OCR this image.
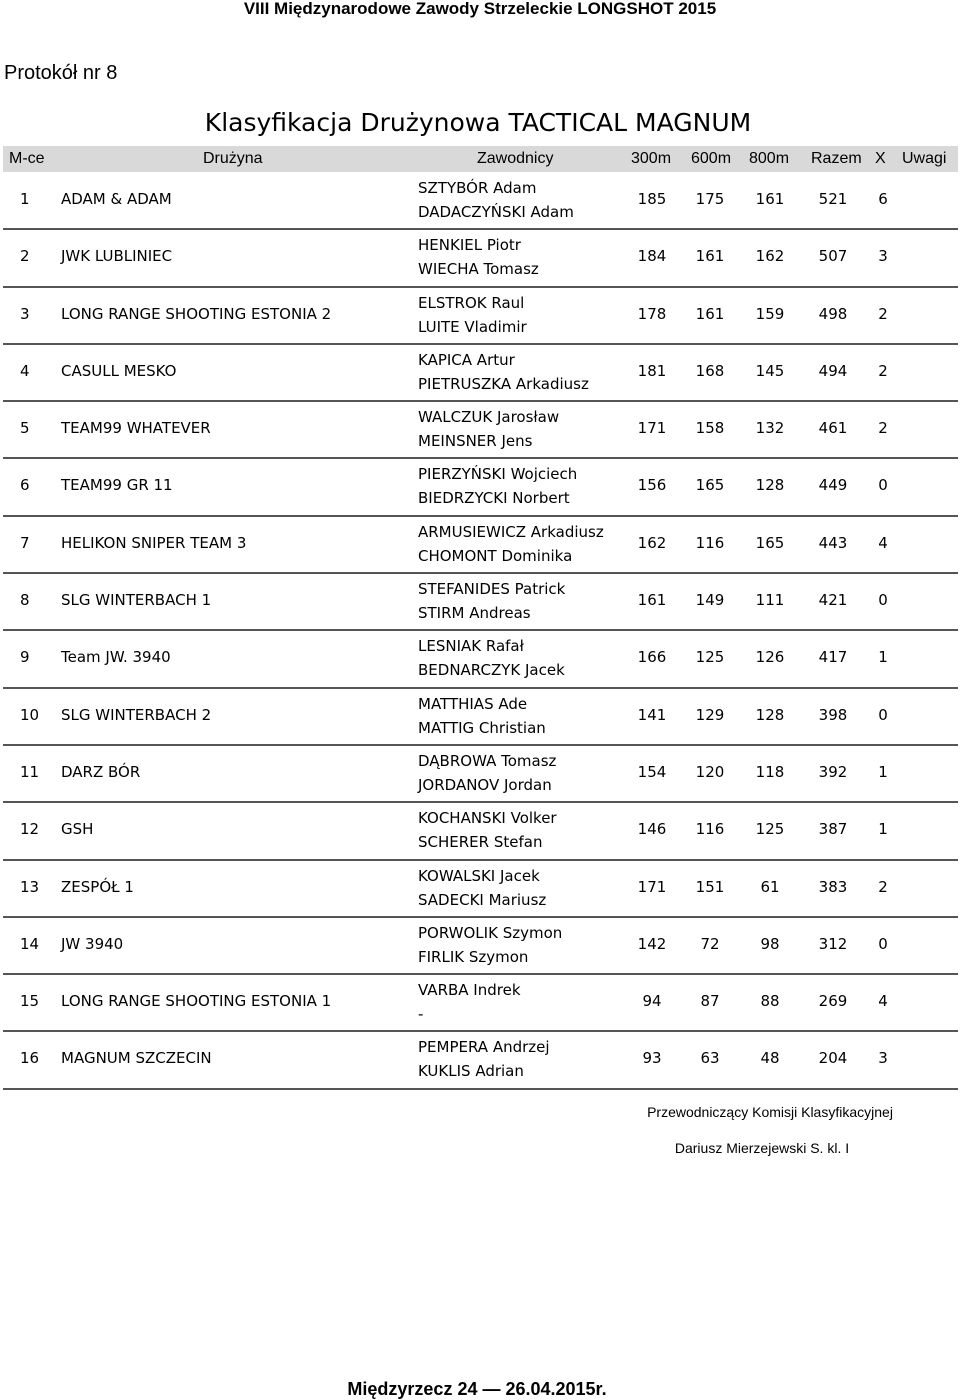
VIII Międzynarodowe Zawody Strzeleckie LONGSHOT 2015
Protokół nr 8
Klasyfikacja Drużynowa TACTICAL MAGNUM
M-ce	Drużyna	Zawodnicy	300m 600m 800m Razem X Uwagi
1 ADAM & ADAM
SZTYBÓR Adam
DADACZYŃSKI Adam
185 175 161 521	6
2 JWK LUBLINIEC
HENKIEL Piotr
WIECHA Tomasz
184 161 162 507	3
3 LONG RANGE SHOOTING ESTONIA 2
ELSTROK Raul
LUITE Vladimir
178 161 159 498	2
4 CASULL MESKO
KAPICA Artur
PIETRUSZKA Arkadiusz
181 168 145 494	2
5 TEAM99 WHATEVER
WALCZUK Jarosław
MEINSNER Jens
171 158 132 461	2
6 TEAM99 GR 11
PIERZYŃSKI Wojciech
BIEDRZYCKI Norbert
156 165 128 449	0
7 HELIKON SNIPER TEAM 3
ARMUSIEWICZ Arkadiusz
CHOMONT Dominika
162 116 165 443	4
8 SLG WINTERBACH 1
STEFANIDES Patrick
STIRM Andreas
161 149 111 421	0
9 Team JW. 3940
LESNIAK Rafał
BEDNARCZYK Jacek
166 125 126 417	1
10 SLG WINTERBACH 2
MATTHIAS Ade
MATTIG Christian
141 129 128 398	0
11 DARZ BÓR
DĄBROWA Tomasz
JORDANOV Jordan
154 120 118 392	1
12 GSH
KOCHANSKI Volker
SCHERER Stefan
146 116 125 387	1
13 ZESPÓŁ 1
KOWALSKI Jacek
SADECKI Mariusz
171 151	61	383	2
14 JW 3940
PORWOLIK Szymon
FIRLIK Szymon
142	72	98	312	0
15 LONG RANGE SHOOTING ESTONIA 1
VARBA Indrek
-
94	87	88	269	4
16 MAGNUM SZCZECIN
PEMPERA Andrzej
KUKLIS Adrian
93	63	48	204	3
Przewodniczący Komisji Klasyfikacyjnej
Dariusz Mierzejewski S. kl. I
Międzyrzecz 24 — 26.04.2015r.
